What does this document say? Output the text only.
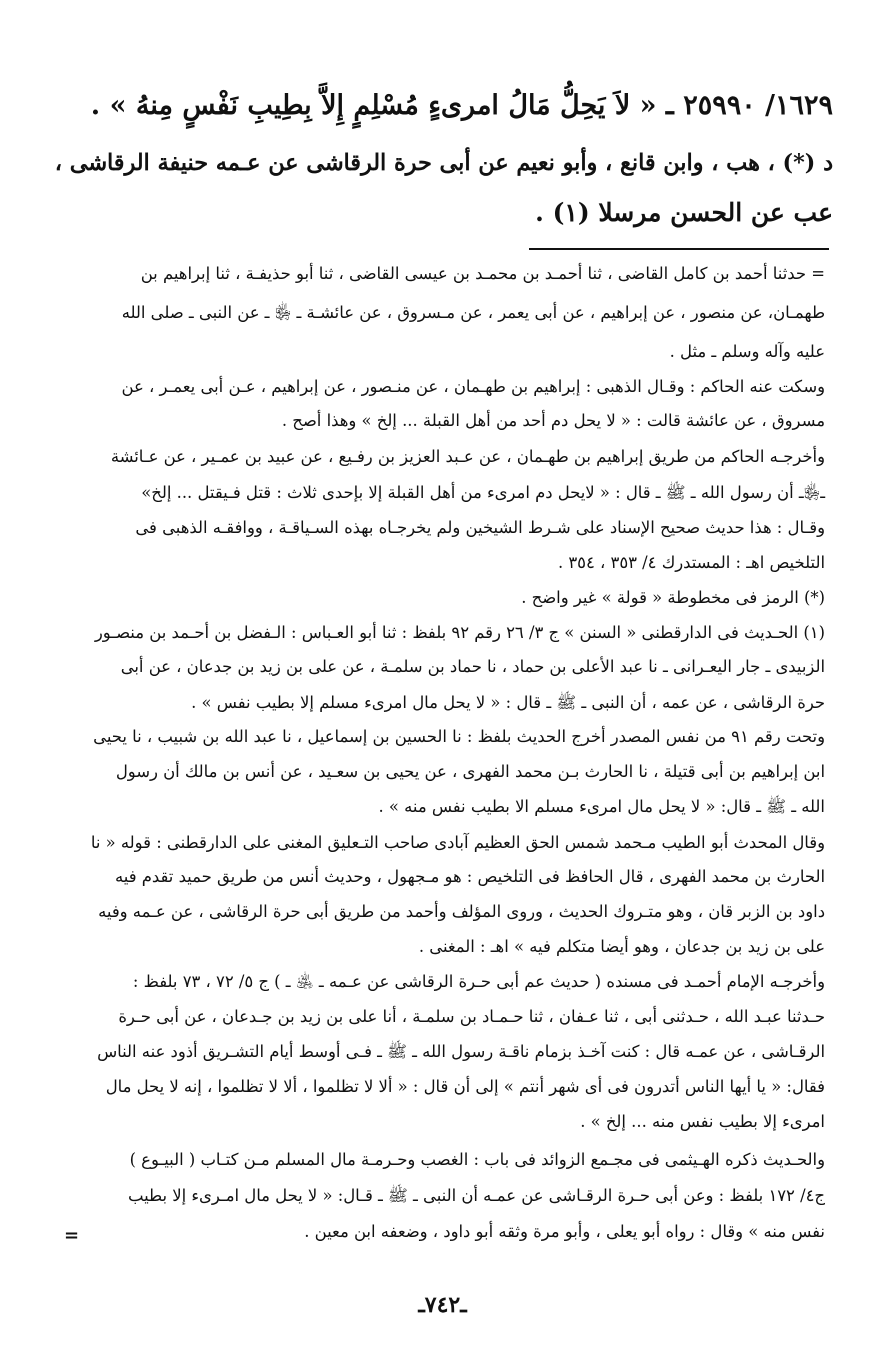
١٦٢٩/ ٢٥٩٩٠ ـ « لاَ يَحِلُّ مَالُ امرىءٍ مُسْلِمٍ إِلاَّ بِطِيبِ نَفْسٍ مِنهُ » .
د (*) ، هب ، وابن قانع ، وأبو نعيم عن أبى حرة الرقاشى عن عـمه حنيفة الرقاشى ،
عب عن الحسن مرسلا (١) .
= حدثنا أحمد بن كامل القاضى ، ثنا أحمـد بن محمـد بن عيسى القاضى ، ثنا أبو حذيفـة ، ثنا إبراهيم بن
طهمـان، عن منصور ، عن إبراهيم ، عن أبى يعمر ، عن مـسروق ، عن عائشـة ـ ﵂ ـ عن النبى ـ صلى الله
عليه وآله وسلم ـ مثل .
وسكت عنه الحاكم : وقـال الذهبى : إبراهيم بن طهـمان ، عن منـصور ، عن إبراهيم ، عـن أبى يعمـر ، عن
مسروق ، عن عائشة قالت : « لا يحل دم أحد من أهل القبلة ... إلخ » وهذا أصح .
وأخرجـه الحاكم من طريق إبراهيم بن طهـمان ، عن عـبد العزيز بن رفـيع ، عن عبيد بن عمـير ، عن عـائشة
ـ﵂ـ أن رسول الله ـ ﷺ ـ قال : « لايحل دم امرىء من أهل القبلة إلا بإحدى ثلاث : قتل فـيقتل ... إلخ»
وقـال : هذا حديث صحيح الإسناد على شـرط الشيخين ولم يخرجـاه بهذه السـياقـة ، ووافقـه الذهبى فى
التلخيص اهـ : المستدرك ٤/ ٣٥٣ ، ٣٥٤ .
(*) الرمز فى مخطوطة « قولة » غير واضح .
(١) الحـديث فى الدارقطنى « السنن » ج ٣/ ٢٦ رقم ٩٢ بلفظ : ثنا أبو العـباس : الـفضل بن أحـمد بن منصـور
الزبيدى ـ جار اليعـرانى ـ نا عبد الأعلى بن حماد ، نا حماد بن سلمـة ، عن على بن زيد بن جدعان ، عن أبى
حرة الرقاشى ، عن عمه ، أن النبى ـ ﷺ ـ قال : « لا يحل مال امرىء مسلم إلا بطيب نفس » .
وتحت رقم ٩١ من نفس المصدر أخرج الحديث بلفظ : نا الحسين بن إسماعيل ، نا عبد الله بن شبيب ، نا يحيى
ابن إبراهيم بن أبى قتيلة ، نا الحارث بـن محمد الفهرى ، عن يحيى بن سعـيد ، عن أنس بن مالك أن رسول
الله ـ ﷺ ـ قال: « لا يحل مال امرىء مسلم الا بطيب نفس منه » .
وقال المحدث أبو الطيب مـحمد شمس الحق العظيم آبادى صاحب التـعليق المغنى على الدارقطنى : قوله « نا
الحارث بن محمد الفهرى ، قال الحافظ فى التلخيص : هو مـجهول ، وحديث أنس من طريق حميد تقدم فيه
داود بن الزبر قان ، وهو متـروك الحديث ، وروى المؤلف وأحمد من طريق أبى حرة الرقاشى ، عن عـمه وفيه
على بن زيد بن جدعان ، وهو أيضا متكلم فيه » اهـ : المغنى .
وأخرجـه الإمام أحمـد فى مسنده ( حديث عم أبى حـرة الرقاشى عن عـمه ـ ﵁ ـ ) ج ٥/ ٧٢ ، ٧٣ بلفظ :
حـدثنا عبـد الله ، حـدثنى أبى ، ثنا عـفان ، ثنا حـمـاد بن سلمـة ، أنا على بن زيد بن جـدعان ، عن أبى حـرة
الرقـاشى ، عن عمـه قال : كنت آخـذ بزمام ناقـة رسول الله ـ ﷺ ـ فـى أوسط أيام التشـريق أذود عنه الناس
فقال: « يا أيها الناس أتدرون فى أى شهر أنتم » إلى أن قال : « ألا لا تظلموا ، ألا لا تظلموا ، إنه لا يحل مال
امرىء إلا بطيب نفس منه ... إلخ » .
والحـديث ذكره الهـيثمى فى مجـمع الزوائد فى باب : الغصب وحـرمـة مال المسلم مـن كتـاب ( البيـوع )
ج٤/ ١٧٢ بلفظ : وعن أبى حـرة الرقـاشى عن عمـه أن النبى ـ ﷺ ـ قـال: « لا يحل مال امـرىء إلا بطيب
نفس منه » وقال : رواه أبو يعلى ، وأبو مرة وثقه أبو داود ، وضعفه ابن معين .
=
ـ٧٤٢ـ
